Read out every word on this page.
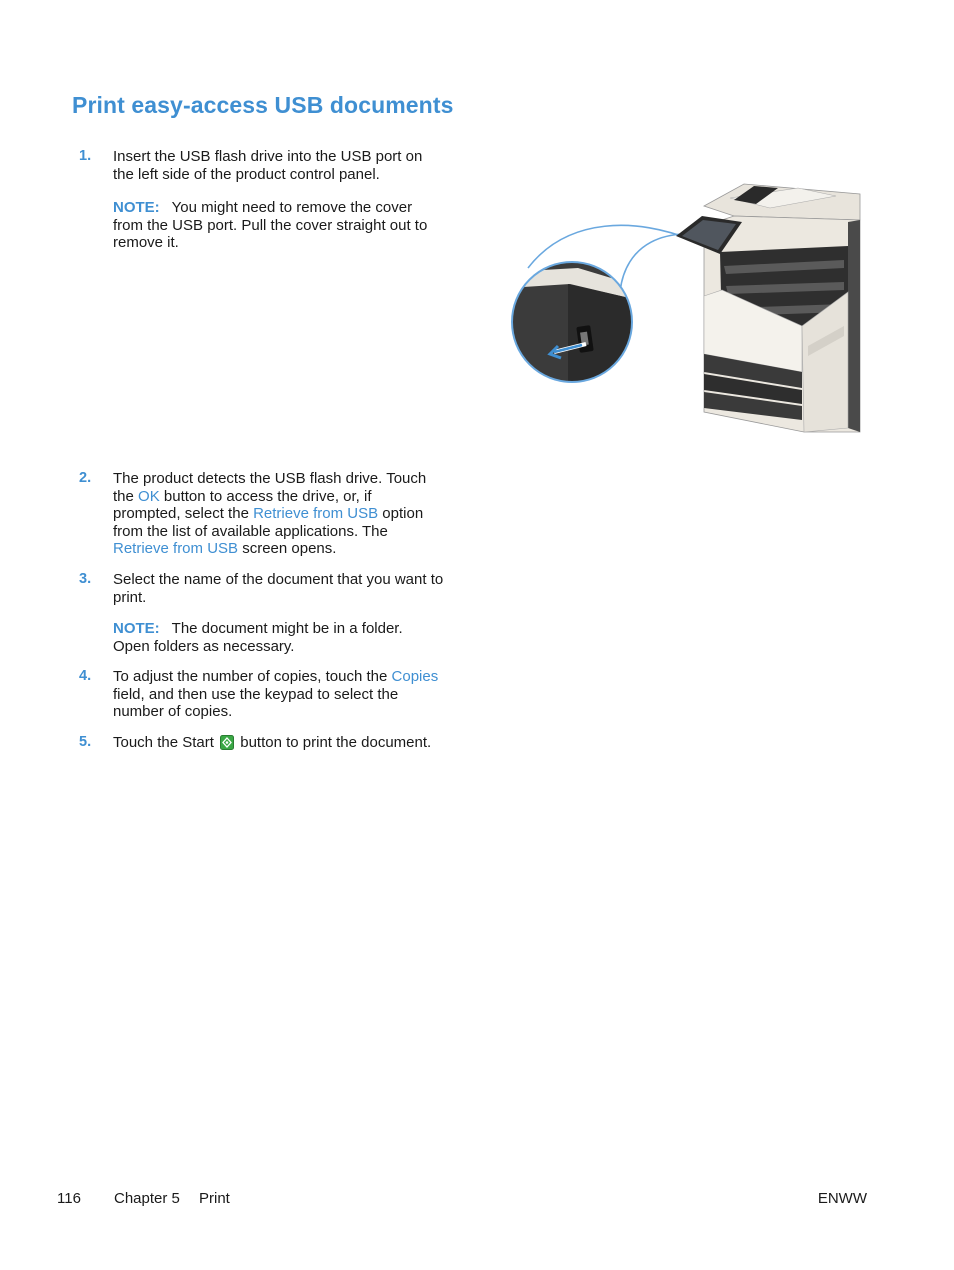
Print easy-access USB documents
1.	Insert the USB flash drive into the USB port on the left side of the product control panel.
NOTE: You might need to remove the cover from the USB port. Pull the cover straight out to remove it.
2.	The product detects the USB flash drive. Touch the OK button to access the drive, or, if prompted, select the Retrieve from USB option from the list of available applications. The Retrieve from USB screen opens.
3.	Select the name of the document that you want to print.
NOTE: The document might be in a folder. Open folders as necessary.
4.	To adjust the number of copies, touch the Copies field, and then use the keypad to select the number of copies.
5.	Touch the Start  button to print the document.
116 Chapter 5 Print	ENWW
